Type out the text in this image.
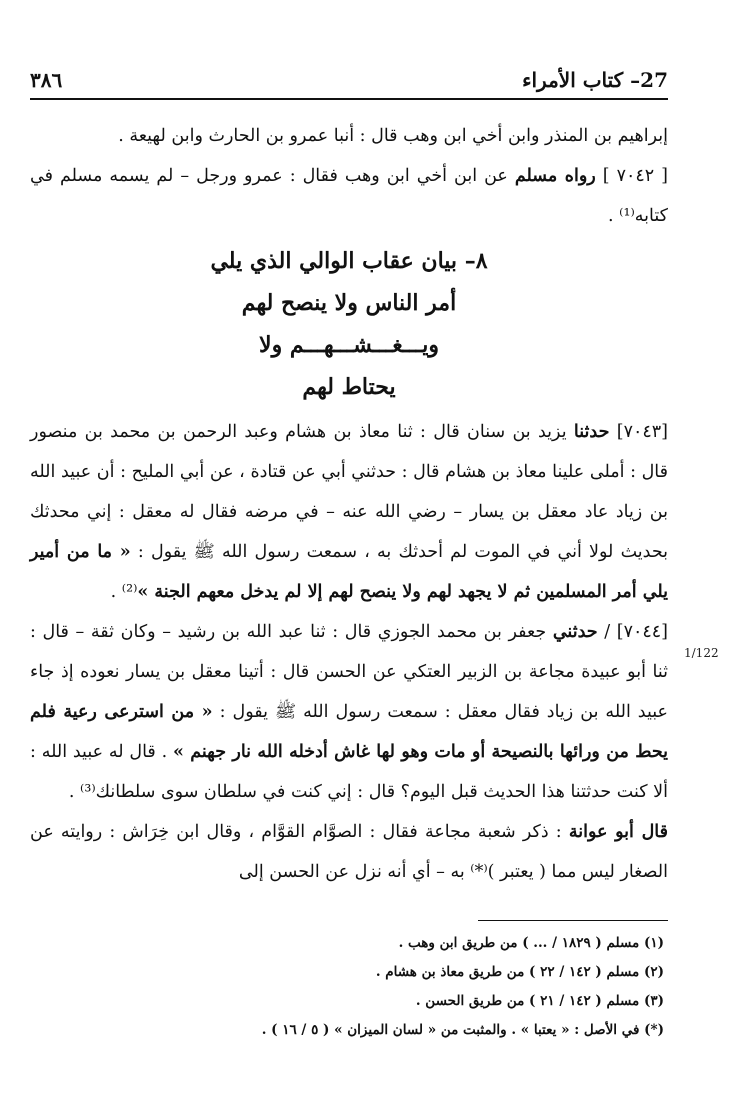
27– كتاب الأمراء
٣٨٦
1/122

إبراهيم بن المنذر وابن أخي ابن وهب قال : أنبا عمرو بن الحارث وابن لهيعة .

[ ٧٠٤٢ ] رواه مسلم عن ابن أخي ابن وهب فقال : عمرو ورجل – لم يسمه مسلم في كتابه⁽¹⁾ .

٨– بيان عقاب الوالي الذي يلي
أمر الناس ولا ينصح لهم
ويـــغـــشـــهـــم ولا
يحتاط لهم

[٧٠٤٣] حدثنا يزيد بن سنان قال : ثنا معاذ بن هشام وعبد الرحمن بن محمد بن منصور قال : أملى علينا معاذ بن هشام قال : حدثني أبي عن قتادة ، عن أبي المليح : أن عبيد الله بن زياد عاد معقل بن يسار – رضي الله عنه – في مرضه فقال له معقل : إني محدثك بحديث لولا أني في الموت لم أحدثك به ، سمعت رسول الله ﷺ يقول : « ما من أمير يلي أمر المسلمين ثم لا يجهد لهم ولا ينصح لهم إلا لم يدخل معهم الجنة »⁽²⁾ .

[٧٠٤٤] / حدثني جعفر بن محمد الجوزي قال : ثنا عبد الله بن رشيد – وكان ثقة – قال : ثنا أبو عبيدة مجاعة بن الزبير العتكي عن الحسن قال : أتينا معقل بن يسار نعوده إذ جاء عبيد الله بن زياد فقال معقل : سمعت رسول الله ﷺ يقول : « من استرعى رعية فلم يحط من ورائها بالنصيحة أو مات وهو لها غاش أدخله الله نار جهنم » . قال له عبيد الله : ألا كنت حدثتنا هذا الحديث قبل اليوم؟ قال : إني كنت في سلطان سوى سلطانك⁽³⁾ .

قال أبو عوانة : ذكر شعبة مجاعة فقال : الصوَّام القوَّام ، وقال ابن خِرَاش : روايته عن الصغار ليس مما ( يعتبر )⁽*⁾ به – أي أنه نزل عن الحسن إلى

(١) مسلم ( ١٨٢٩ / ... ) من طريق ابن وهب .

(٢) مسلم ( ١٤٢ / ٢٢ ) من طريق معاذ بن هشام .

(٣) مسلم ( ١٤٢ / ٢١ ) من طريق الحسن .

(*) في الأصل : « يعتبا » . والمثبت من « لسان الميزان » ( ٥ / ١٦ ) .
